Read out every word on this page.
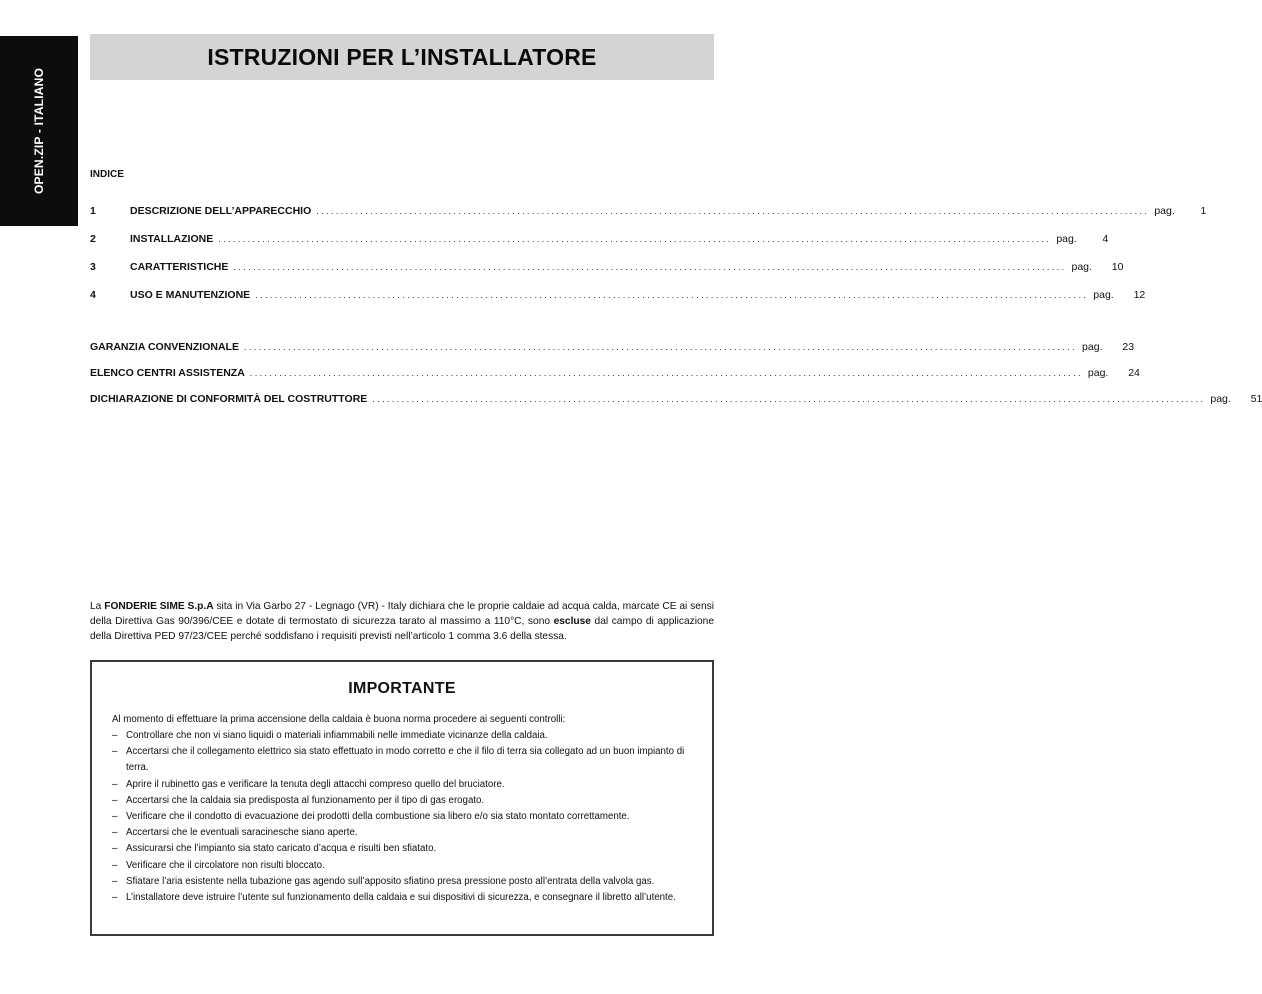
OPEN.ZIP - ITALIANO
ISTRUZIONI PER L’INSTALLATORE
INDICE
1	DESCRIZIONE DELL’APPARECCHIO .......................................................................................................................................................................... pag.	1
2	INSTALLAZIONE .......................................................................................................................................................................... pag.	4
3	CARATTERISTICHE .......................................................................................................................................................................... pag.	10
4	USO E MANUTENZIONE .......................................................................................................................................................................... pag.	12
GARANZIA CONVENZIONALE .......................................................................................................................................................................... pag.	23
ELENCO CENTRI ASSISTENZA .......................................................................................................................................................................... pag.	24
DICHIARAZIONE DI CONFORMITÀ DEL COSTRUTTORE .......................................................................................................................................................................... pag.	51
La FONDERIE SIME S.p.A sita in Via Garbo 27 - Legnago (VR) - Italy dichiara che le proprie caldaie ad acqua calda, marcate CE ai sensi della Direttiva Gas 90/396/CEE e dotate di termostato di sicurezza tarato al massimo a 110°C, sono escluse dal campo di applicazione della Direttiva PED 97/23/CEE perché soddisfano i requisiti previsti nell’articolo 1 comma 3.6 della stessa.
IMPORTANTE
Al momento di effettuare la prima accensione della caldaia è buona norma procedere ai seguenti controlli:
– Controllare che non vi siano liquidi o materiali infiammabili nelle immediate vicinanze della caldaia.
– Accertarsi che il collegamento elettrico sia stato effettuato in modo corretto e che il filo di terra sia collegato ad un buon impianto di terra.
– Aprire il rubinetto gas e verificare la tenuta degli attacchi compreso quello del bruciatore.
– Accertarsi che la caldaia sia predisposta al funzionamento per il tipo di gas erogato.
– Verificare che il condotto di evacuazione dei prodotti della combustione sia libero e/o sia stato montato correttamente.
– Accertarsi che le eventuali saracinesche siano aperte.
– Assicurarsi che l’impianto sia stato caricato d’acqua e risulti ben sfiatato.
– Verificare che il circolatore non risulti bloccato.
– Sfiatare l’aria esistente nella tubazione gas agendo sull’apposito sfiatino presa pressione posto all’entrata della valvola gas.
– L’installatore deve istruire l’utente sul funzionamento della caldaia e sui dispositivi di sicurezza, e consegnare il libretto all’utente.
